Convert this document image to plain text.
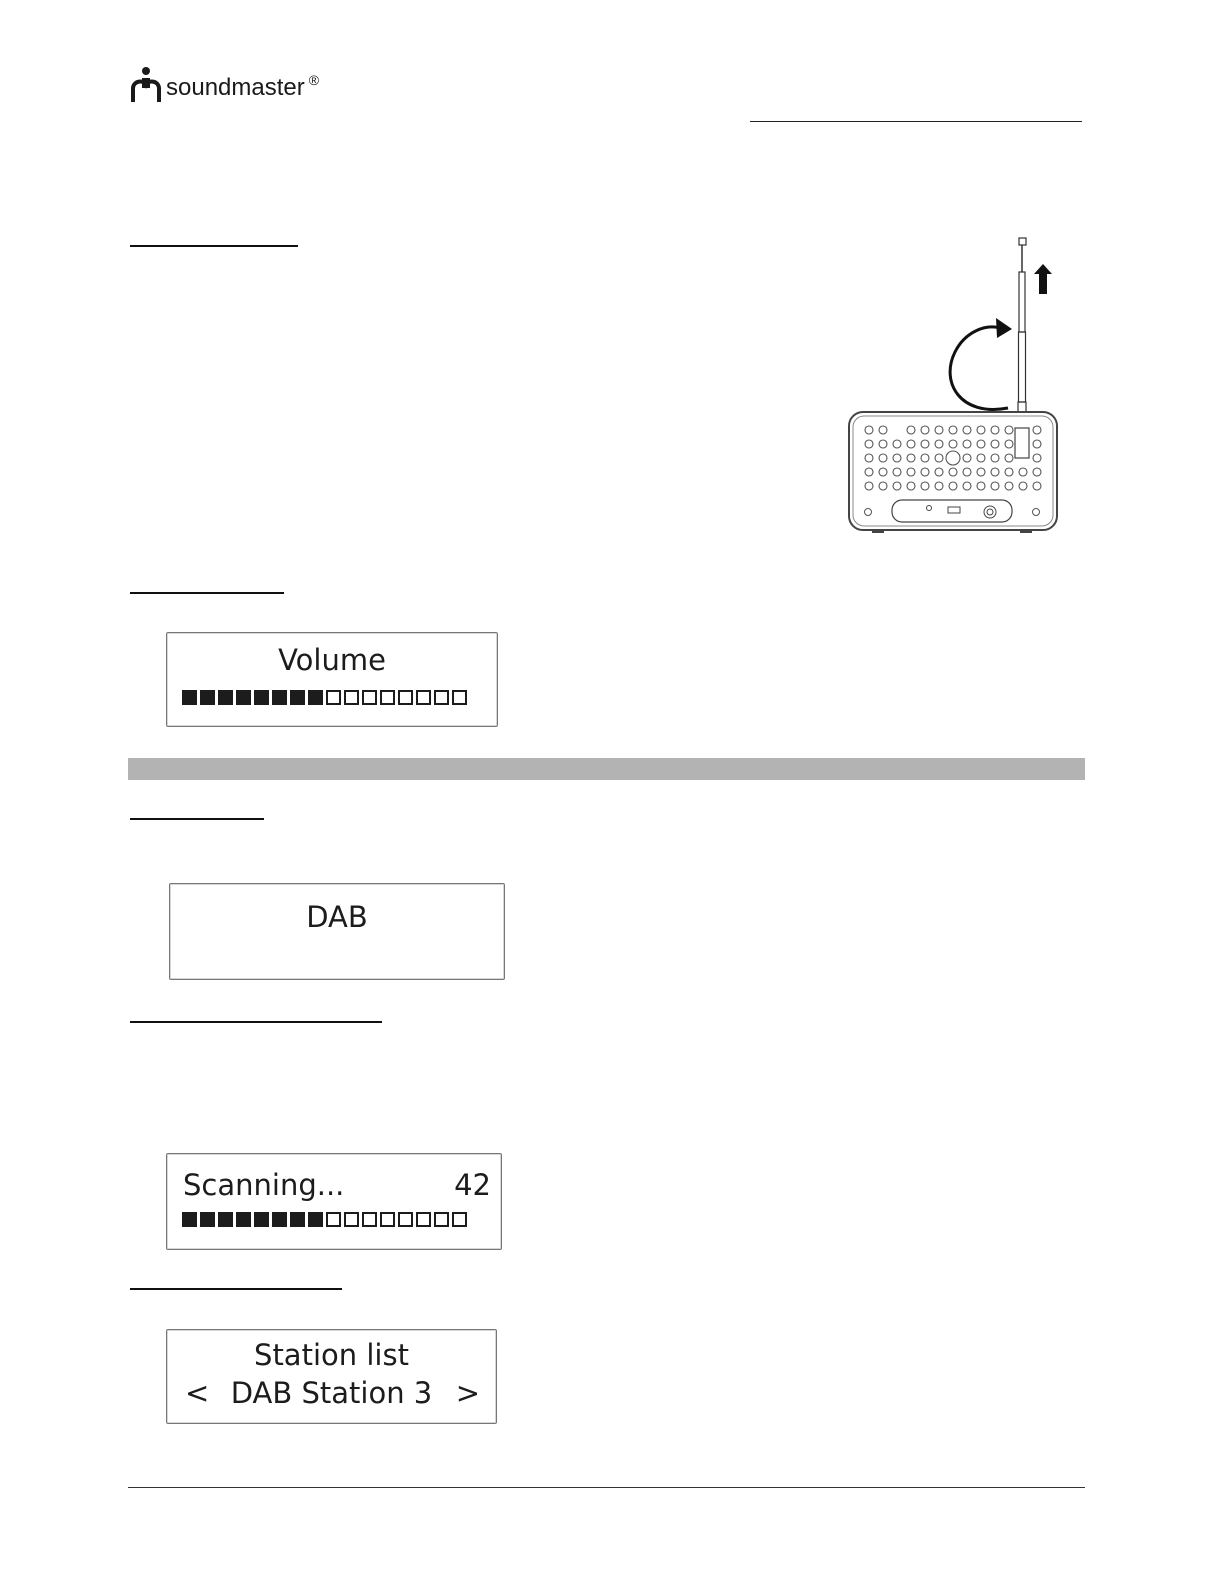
soundmaster ®
Volume
DAB
Scanning...	42
Station list
< DAB Station 3 >
